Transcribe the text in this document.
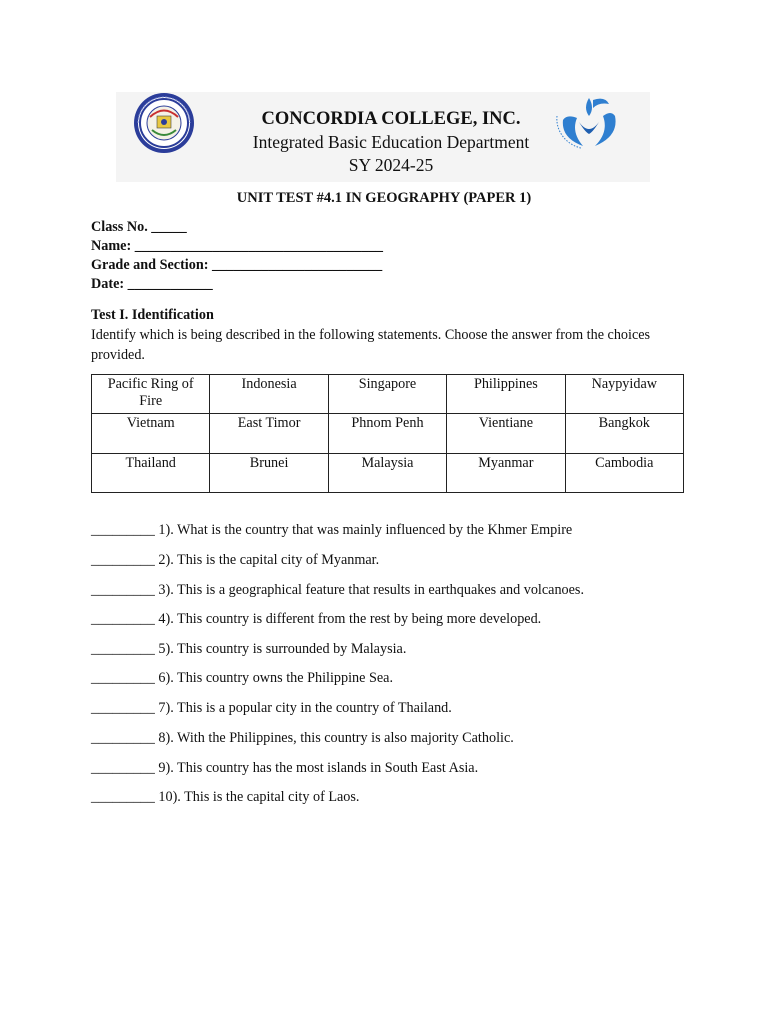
CONCORDIA COLLEGE, INC.
Integrated Basic Education Department
SY 2024-25
UNIT TEST #4.1 IN GEOGRAPHY (PAPER 1)
Class No. _____
Name: ___________________________________
Grade and Section: ________________________
Date: ____________
Test I. Identification
Identify which is being described in the following statements. Choose the answer from the choices provided.
Pacific Ring of Fire	Indonesia	Singapore	Philippines	Naypyidaw
Vietnam	East Timor	Phnom Penh	Vientiane	Bangkok
Thailand	Brunei	Malaysia	Myanmar	Cambodia
_________ 1). What is the country that was mainly influenced by the Khmer Empire
_________ 2). This is the capital city of Myanmar.
_________ 3). This is a geographical feature that results in earthquakes and volcanoes.
_________ 4). This country is different from the rest by being more developed.
_________ 5). This country is surrounded by Malaysia.
_________ 6). This country owns the Philippine Sea.
_________ 7). This is a popular city in the country of Thailand.
_________ 8). With the Philippines, this country is also majority Catholic.
_________ 9). This country has the most islands in South East Asia.
_________ 10). This is the capital city of Laos.
